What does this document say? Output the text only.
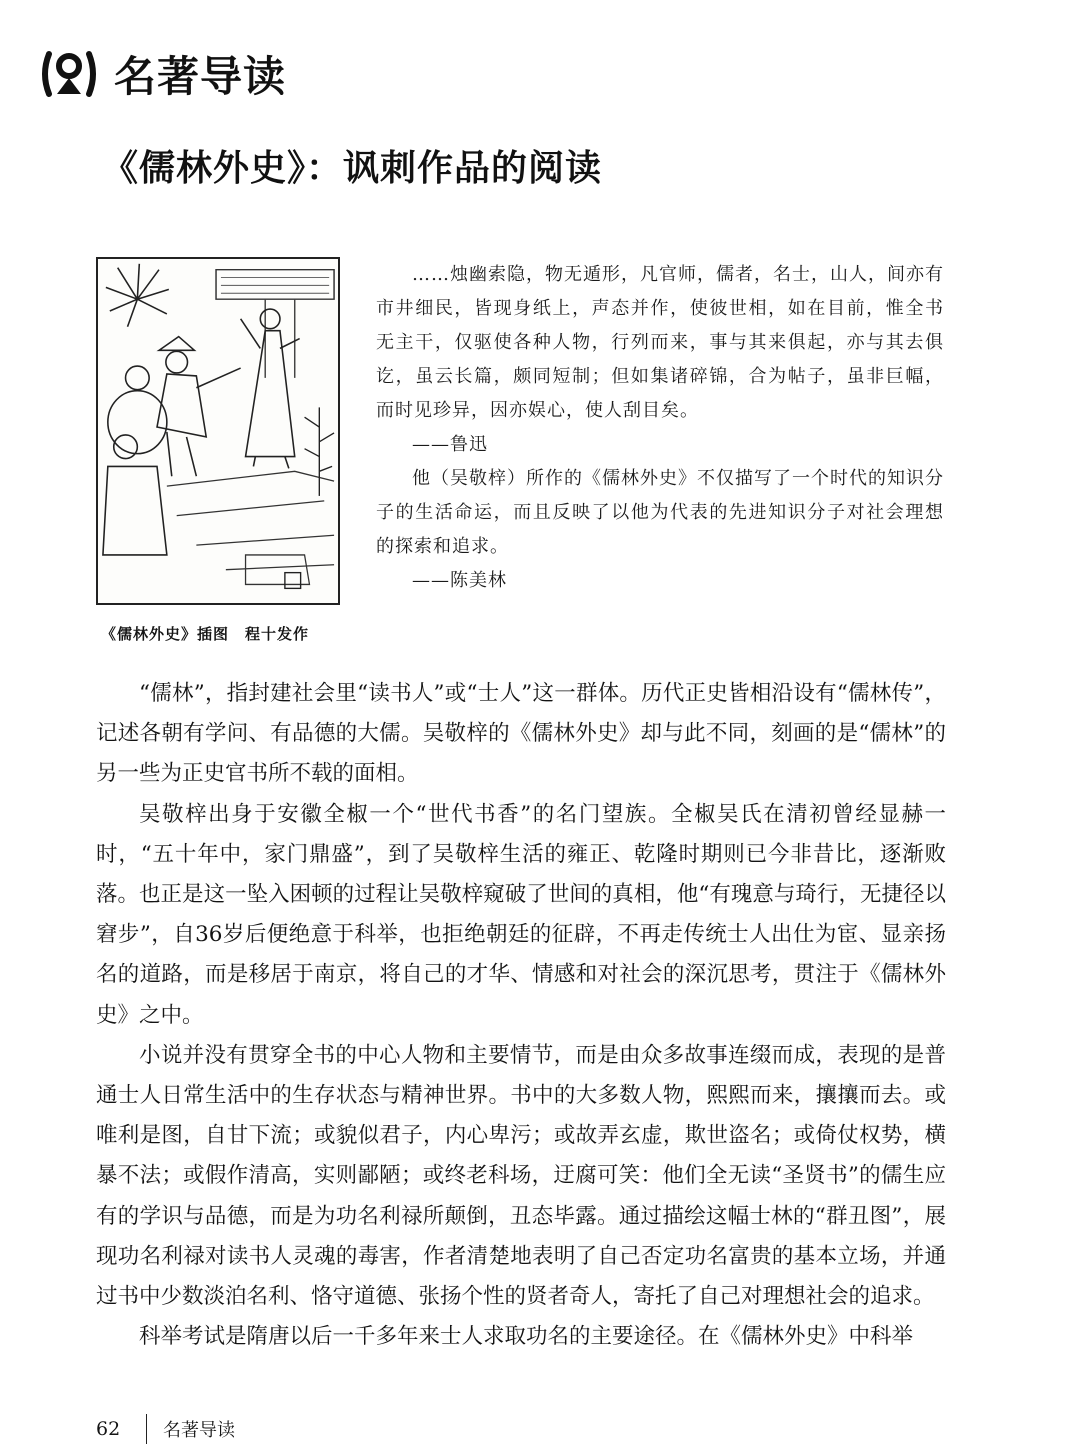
名著导读
《儒林外史》：讽刺作品的阅读
《儒林外史》插图　程十发作

……烛幽索隐，物无遁形，凡官师，儒者，名士，山人，间亦有市井细民，皆现身纸上，声态并作，使彼世相，如在目前，惟全书无主干，仅驱使各种人物，行列而来，事与其来俱起，亦与其去俱讫，虽云长篇，颇同短制；但如集诸碎锦，合为帖子，虽非巨幅，而时见珍异，因亦娱心，使人刮目矣。

——鲁迅

他（吴敬梓）所作的《儒林外史》不仅描写了一个时代的知识分子的生活命运，而且反映了以他为代表的先进知识分子对社会理想的探索和追求。

——陈美林

“儒林”，指封建社会里“读书人”或“士人”这一群体。历代正史皆相沿设有“儒林传”，记述各朝有学问、有品德的大儒。吴敬梓的《儒林外史》却与此不同，刻画的是“儒林”的另一些为正史官书所不载的面相。

吴敬梓出身于安徽全椒一个“世代书香”的名门望族。全椒吴氏在清初曾经显赫一时，“五十年中，家门鼎盛”，到了吴敬梓生活的雍正、乾隆时期则已今非昔比，逐渐败落。也正是这一坠入困顿的过程让吴敬梓窥破了世间的真相，他“有瑰意与琦行，无捷径以窘步”，自36岁后便绝意于科举，也拒绝朝廷的征辟，不再走传统士人出仕为宦、显亲扬名的道路，而是移居于南京，将自己的才华、情感和对社会的深沉思考，贯注于《儒林外史》之中。

小说并没有贯穿全书的中心人物和主要情节，而是由众多故事连缀而成，表现的是普通士人日常生活中的生存状态与精神世界。书中的大多数人物，熙熙而来，攘攘而去。或唯利是图，自甘下流；或貌似君子，内心卑污；或故弄玄虚，欺世盗名；或倚仗权势，横暴不法；或假作清高，实则鄙陋；或终老科场，迂腐可笑：他们全无读“圣贤书”的儒生应有的学识与品德，而是为功名利禄所颠倒，丑态毕露。通过描绘这幅士林的“群丑图”，展现功名利禄对读书人灵魂的毒害，作者清楚地表明了自己否定功名富贵的基本立场，并通过书中少数淡泊名利、恪守道德、张扬个性的贤者奇人，寄托了自己对理想社会的追求。

科举考试是隋唐以后一千多年来士人求取功名的主要途径。在《儒林外史》中科举

62	名著导读
